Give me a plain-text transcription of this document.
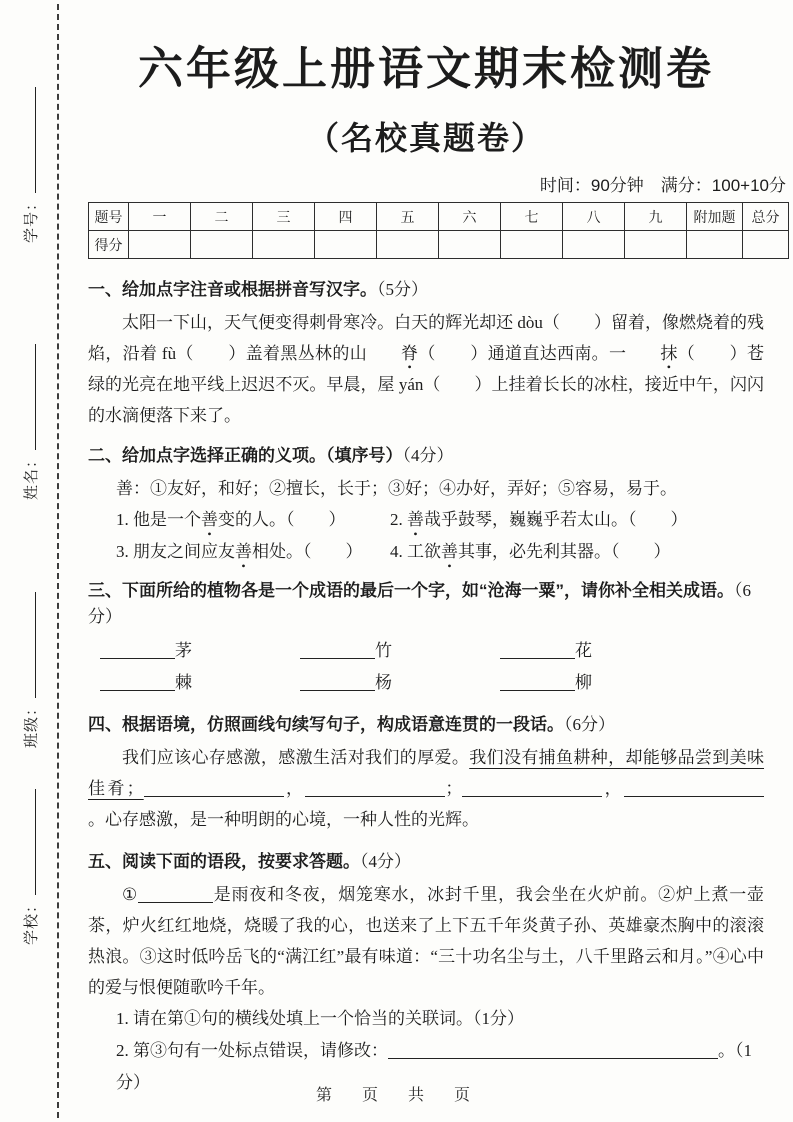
学号：
姓名：
班级：
学校：
六年级上册语文期末检测卷
（名校真题卷）
时间：90分钟　满分：100+10分
题号	一	二	三	四	五	六	七	八	九	附加题	总分
得分											
一、给加点字注音或根据拼音写汉字。（5分）

太阳一下山，天气便变得刺骨寒冷。白天的辉光却还 dòu（　　）留着，像燃烧着的残焰，沿着 fù（　　）盖着黑丛林的山 脊（　　）通道直达西南。一 抹（　　）苍绿的光亮在地平线上迟迟不灭。早晨，屋 yán（　　）上挂着长长的冰柱，接近中午，闪闪的水滴便落下来了。

二、给加点字选择正确的义项。（填序号）（4分）

善：①友好，和好；②擅长，长于；③好；④办好，弄好；⑤容易，易于。

1. 他是一个善变的人。（　　）	2. 善哉乎鼓琴，巍巍乎若太山。（　　）
3. 朋友之间应友善相处。（　　）	4. 工欲善其事，必先利其器。（　　）
三、下面所给的植物各是一个成语的最后一个字，如“沧海一粟”，请你补全相关成语。（6分）
茅	竹	花
棘	杨	柳
四、根据语境，仿照画线句续写句子，构成语意连贯的一段话。（6分）

我们应该心存感激，感激生活对我们的厚爱。我们没有捕鱼耕种，却能够品尝到美味佳肴；	，	；	，。心存感激，是一种明朗的心境，一种人性的光辉。

五、阅读下面的语段，按要求答题。（4分）

①	是雨夜和冬夜，烟笼寒水，冰封千里，我会坐在火炉前。②炉上煮一壶茶，炉火红红地烧，烧暖了我的心，也送来了上下五千年炎黄子孙、英雄豪杰胸中的滚滚热浪。③这时低吟岳飞的“满江红”最有味道：“三十功名尘与土，八千里路云和月。”④心中的爱与恨便随歌吟千年。

1. 请在第①句的横线处填上一个恰当的关联词。（1分）
2. 第③句有一处标点错误，请修改：	。（1分）
第　页　共　页
